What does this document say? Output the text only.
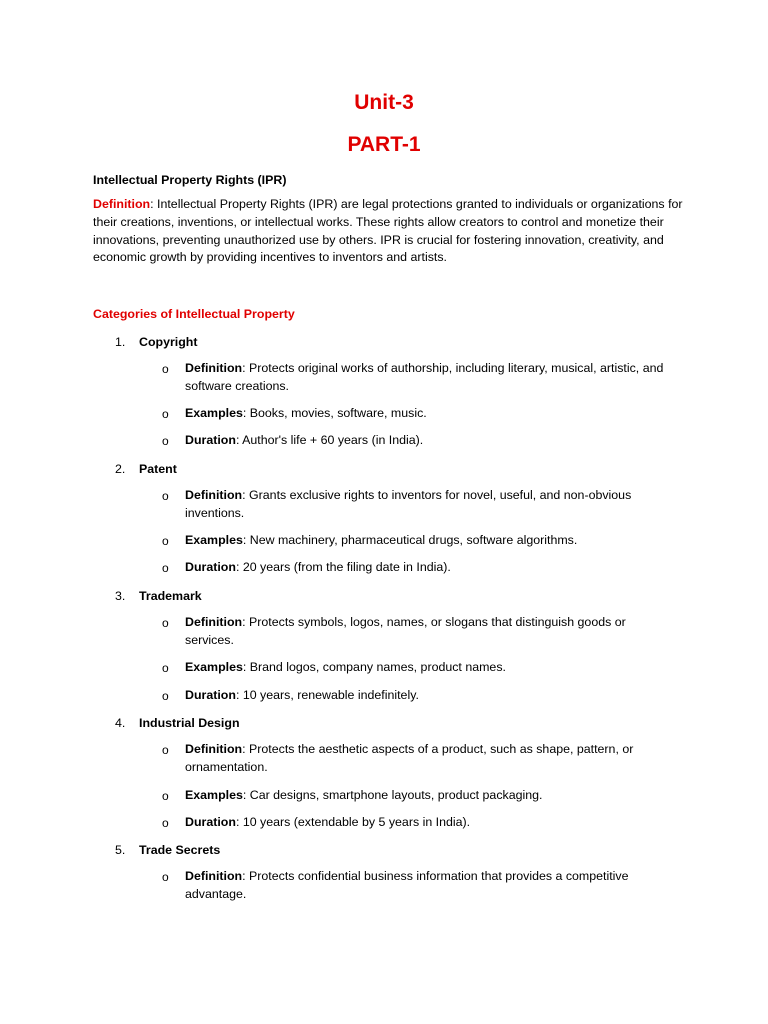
Unit-3
PART-1
Intellectual Property Rights (IPR)
Definition: Intellectual Property Rights (IPR) are legal protections granted to individuals or organizations for their creations, inventions, or intellectual works. These rights allow creators to control and monetize their innovations, preventing unauthorized use by others. IPR is crucial for fostering innovation, creativity, and economic growth by providing incentives to inventors and artists.
Categories of Intellectual Property
1.	Copyright
o Definition: Protects original works of authorship, including literary, musical, artistic, and software creations.
o Examples: Books, movies, software, music.
o Duration: Author's life + 60 years (in India).
2.	Patent
o Definition: Grants exclusive rights to inventors for novel, useful, and non-obvious inventions.
o Examples: New machinery, pharmaceutical drugs, software algorithms.
o Duration: 20 years (from the filing date in India).
3.	Trademark
o Definition: Protects symbols, logos, names, or slogans that distinguish goods or services.
o Examples: Brand logos, company names, product names.
o Duration: 10 years, renewable indefinitely.
4.	Industrial Design
o Definition: Protects the aesthetic aspects of a product, such as shape, pattern, or ornamentation.
o Examples: Car designs, smartphone layouts, product packaging.
o Duration: 10 years (extendable by 5 years in India).
5.	Trade Secrets
o Definition: Protects confidential business information that provides a competitive advantage.
